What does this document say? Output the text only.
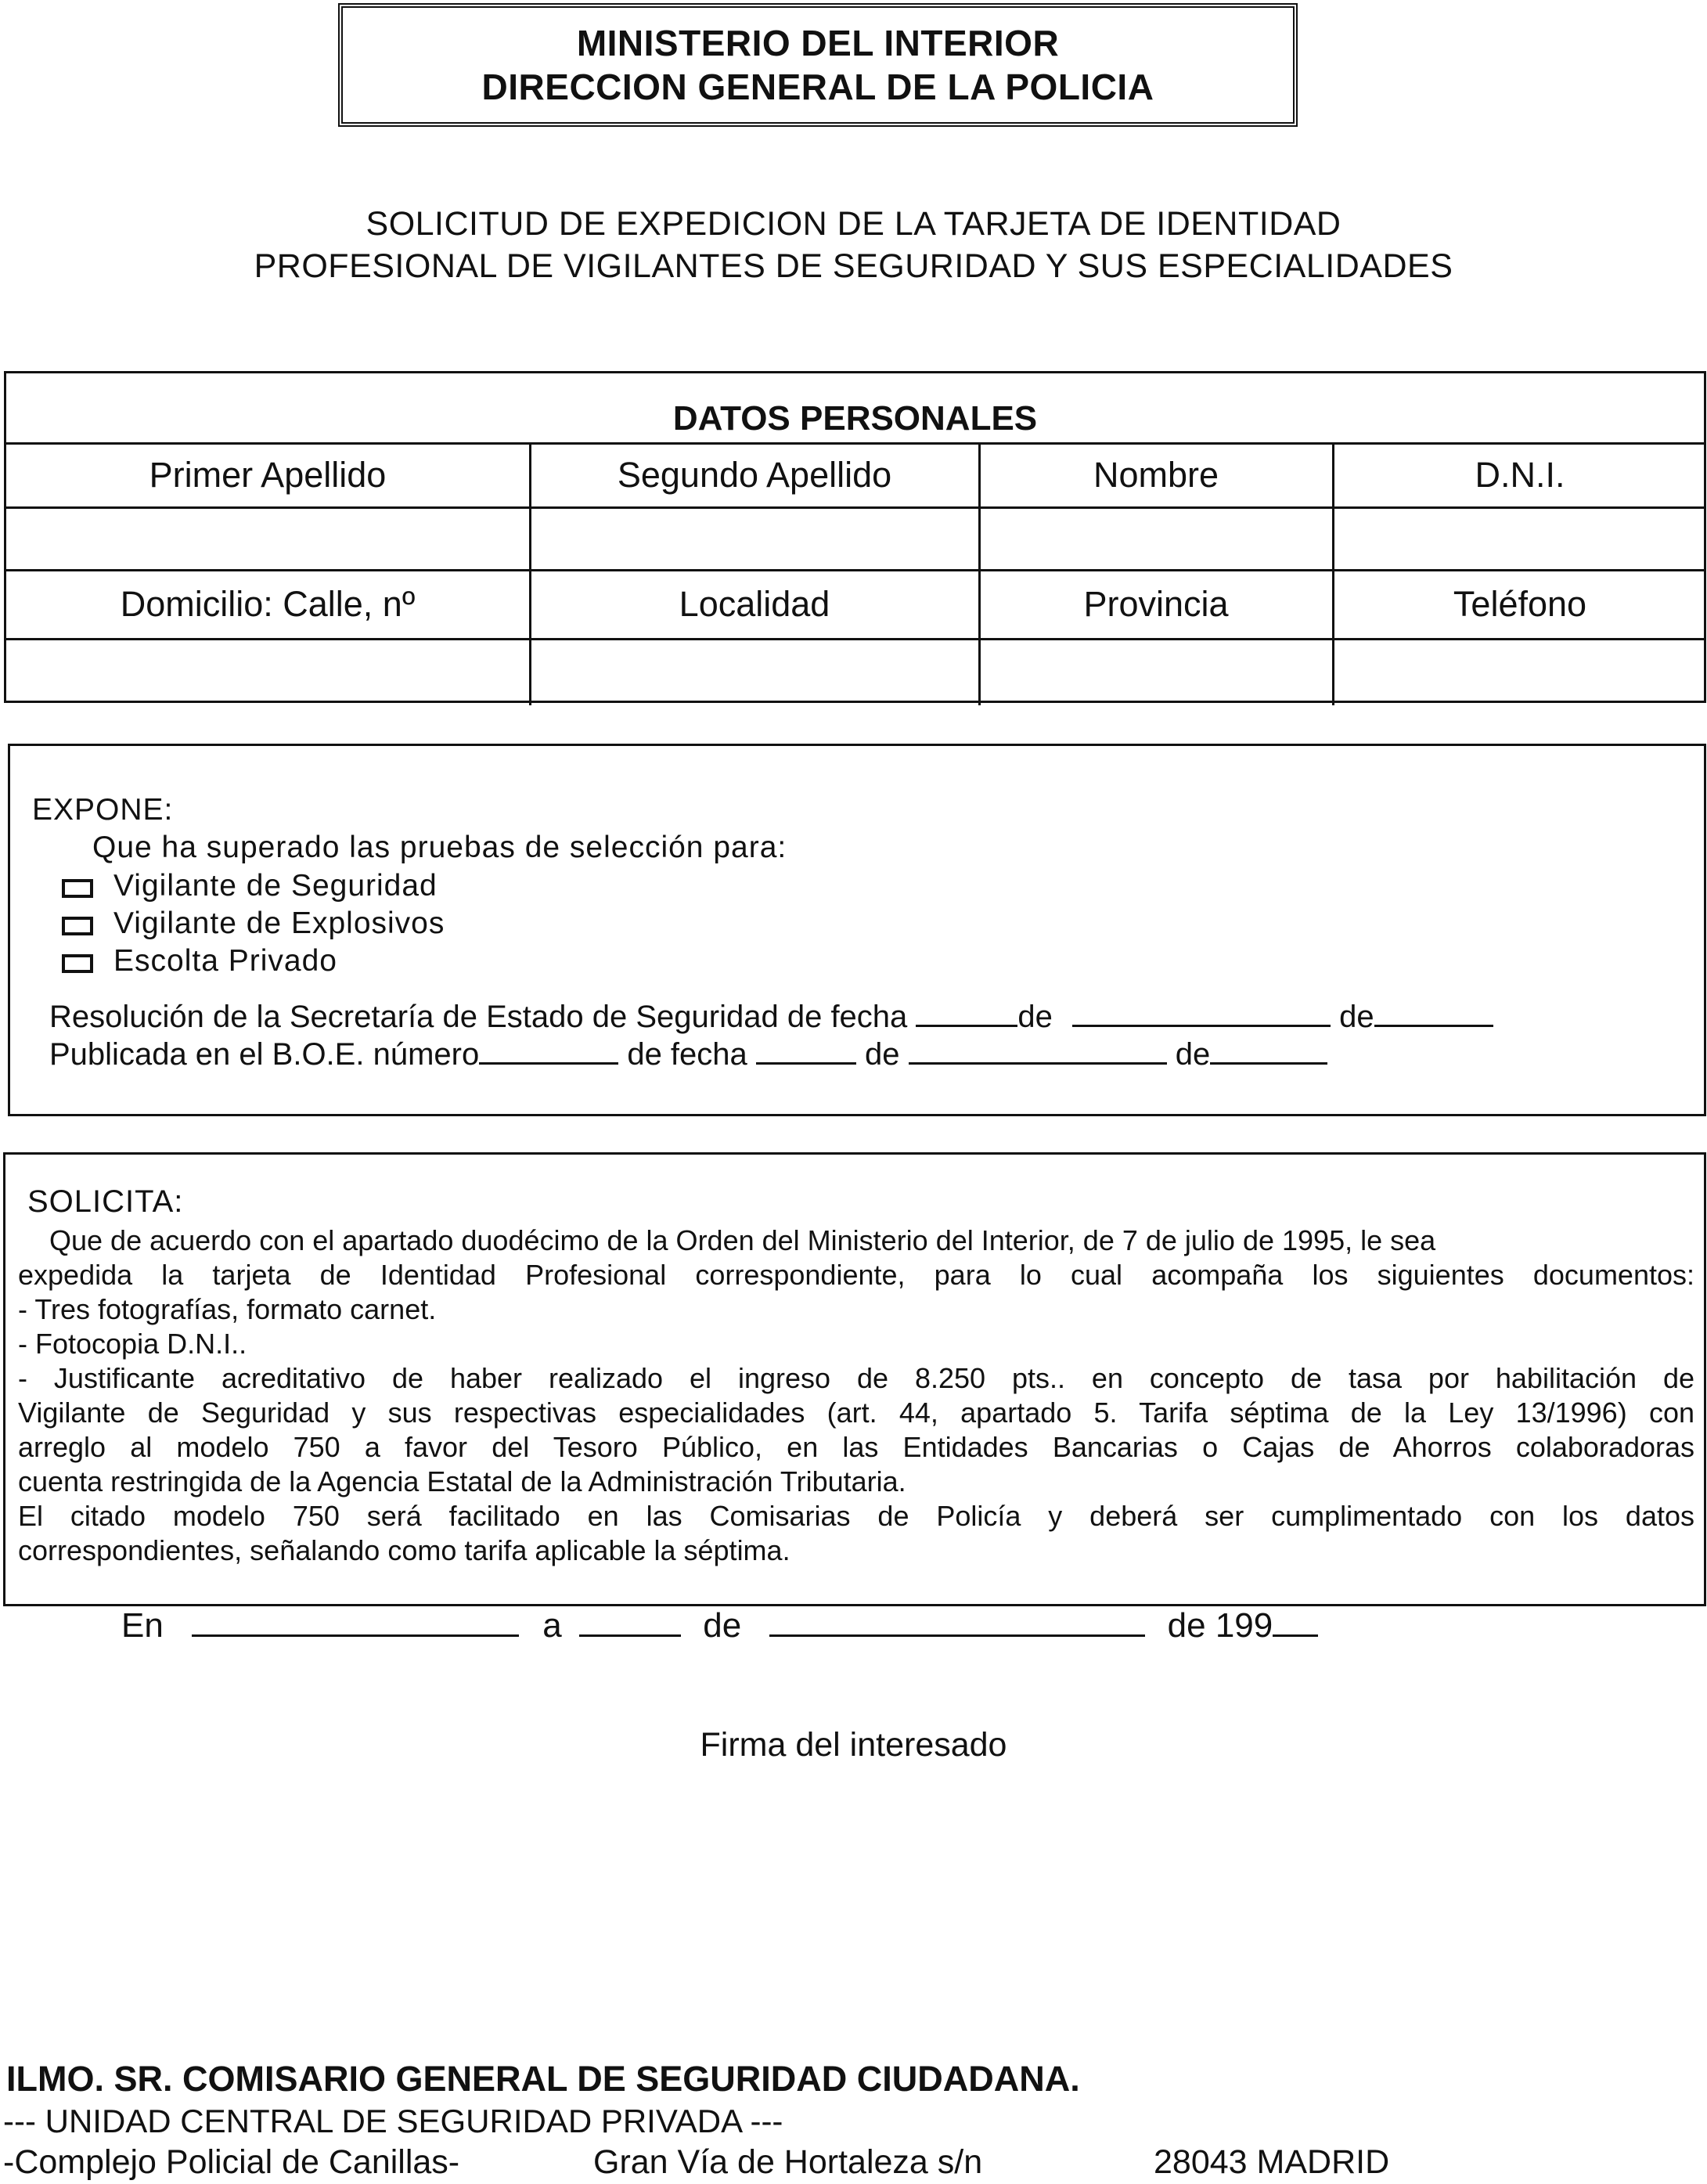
MINISTERIO DEL INTERIOR
DIRECCION GENERAL DE LA POLICIA
SOLICITUD DE EXPEDICION DE LA TARJETA DE IDENTIDAD
PROFESIONAL DE VIGILANTES DE SEGURIDAD Y SUS ESPECIALIDADES
DATOS PERSONALES
Primer Apellido	Segundo Apellido	Nombre	D.N.I.
Domicilio: Calle, nº	Localidad	Provincia	Teléfono
EXPONE:
Que ha superado las pruebas de selección para:
Vigilante de Seguridad
Vigilante de Explosivos
Escolta Privado
Resolución de la Secretaría de Estado de Seguridad de fecha	de	de
Publicada en el B.O.E. número	de fecha	de	de
SOLICITA:
Que de acuerdo con el apartado duodécimo de la Orden del Ministerio del Interior, de 7 de julio de 1995, le sea
expedida la tarjeta de Identidad Profesional correspondiente, para lo cual acompaña los siguientes documentos:
- Tres fotografías, formato carnet.
- Fotocopia D.N.I..
- Justificante acreditativo de haber realizado el ingreso de 8.250 pts.. en concepto de tasa por habilitación de
Vigilante de Seguridad y sus respectivas especialidades (art. 44, apartado 5. Tarifa séptima de la Ley 13/1996) con
arreglo al modelo 750 a favor del Tesoro Público, en las Entidades Bancarias o Cajas de Ahorros colaboradoras
cuenta restringida de la Agencia Estatal de la Administración Tributaria.
El citado modelo 750 será facilitado en las Comisarias de Policía y deberá ser cumplimentado con los datos
correspondientes, señalando como tarifa aplicable la séptima.
En	a	de	de 199
Firma del interesado
ILMO. SR. COMISARIO GENERAL DE SEGURIDAD CIUDADANA.
--- UNIDAD CENTRAL DE SEGURIDAD PRIVADA ---
-Complejo Policial de Canillas-	Gran Vía de Hortaleza s/n	28043 MADRID
